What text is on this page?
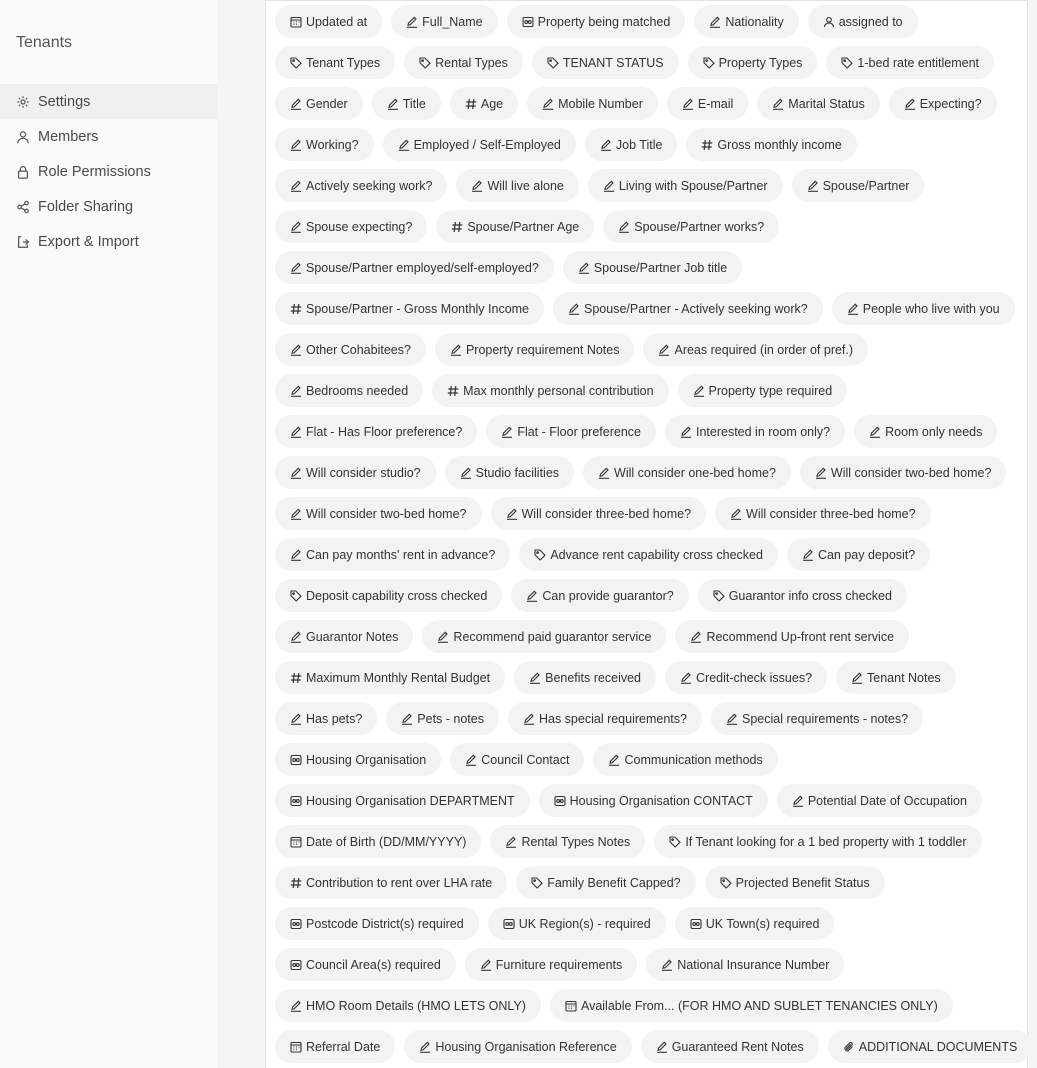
Tenants
Settings
Members
Role Permissions
Folder Sharing
Export & Import
Updated at	Full_Name	Property being matched	Nationality	assigned to
Tenant Types	Rental Types	TENANT STATUS	Property Types	1-bed rate entitlement
Gender	Title	Age	Mobile Number	E-mail	Marital Status	Expecting?
Working?	Employed / Self-Employed	Job Title	Gross monthly income
Actively seeking work?	Will live alone	Living with Spouse/Partner	Spouse/Partner
Spouse expecting?	Spouse/Partner Age	Spouse/Partner works?
Spouse/Partner employed/self-employed?	Spouse/Partner Job title
Spouse/Partner - Gross Monthly Income	Spouse/Partner - Actively seeking work?	People who live with you
Other Cohabitees?	Property requirement Notes	Areas required (in order of pref.)
Bedrooms needed	Max monthly personal contribution	Property type required
Flat - Has Floor preference?	Flat - Floor preference	Interested in room only?	Room only needs
Will consider studio?	Studio facilities	Will consider one-bed home?	Will consider two-bed home?
Will consider two-bed home?	Will consider three-bed home?	Will consider three-bed home?
Can pay months' rent in advance?	Advance rent capability cross checked	Can pay deposit?
Deposit capability cross checked	Can provide guarantor?	Guarantor info cross checked
Guarantor Notes	Recommend paid guarantor service	Recommend Up-front rent service
Maximum Monthly Rental Budget	Benefits received	Credit-check issues?	Tenant Notes
Has pets?	Pets - notes	Has special requirements?	Special requirements - notes?
Housing Organisation	Council Contact	Communication methods
Housing Organisation DEPARTMENT	Housing Organisation CONTACT	Potential Date of Occupation
Date of Birth (DD/MM/YYYY)	Rental Types Notes	If Tenant looking for a 1 bed property with 1 toddler
Contribution to rent over LHA rate	Family Benefit Capped?	Projected Benefit Status
Postcode District(s) required	UK Region(s) - required	UK Town(s) required
Council Area(s) required	Furniture requirements	National Insurance Number
HMO Room Details (HMO LETS ONLY)	Available From... (FOR HMO AND SUBLET TENANCIES ONLY)
Referral Date	Housing Organisation Reference	Guaranteed Rent Notes	ADDITIONAL DOCUMENTS
